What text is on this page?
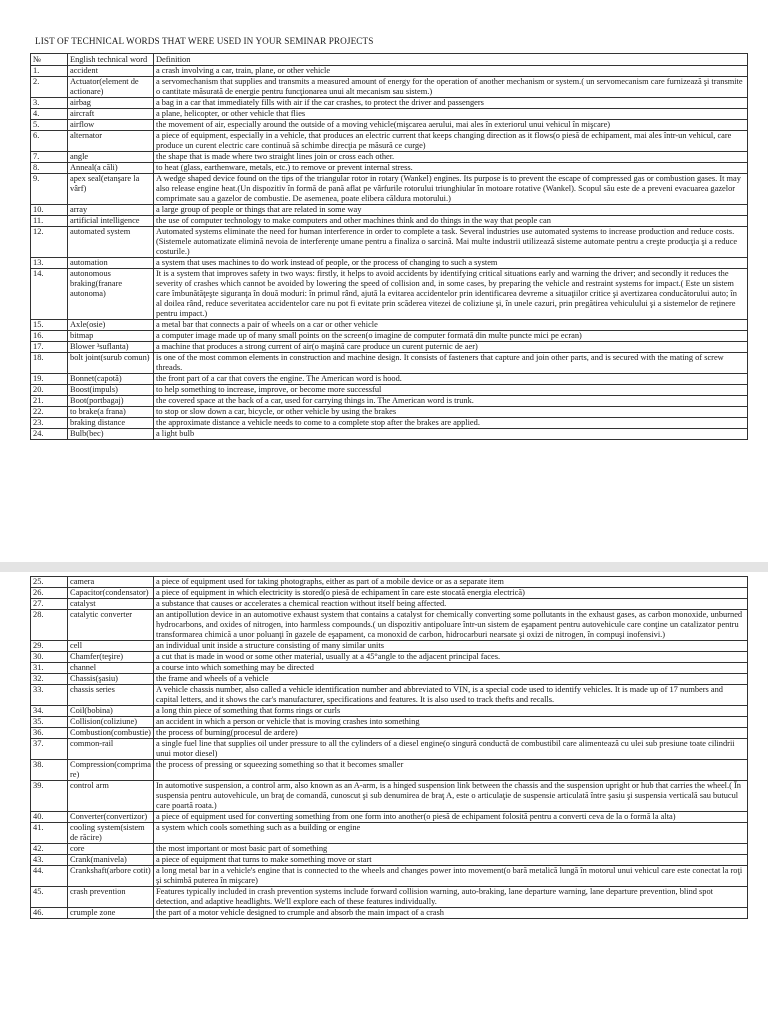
LIST OF TECHNICAL WORDS THAT WERE USED IN YOUR SEMINAR PROJECTS
№	English technical word	Definition
1.	accident	a crash involving a car, train, plane, or other vehicle
2.	Actuator(element de actionare)	a servomechanism that supplies and transmits a measured amount of energy for the operation of another mechanism or system.( un servomecanism care furnizează şi transmite o cantitate măsurată de energie pentru funcţionarea unui alt mecanism sau sistem.)
3.	airbag	a bag in a car that immediately fills with air if the car crashes, to protect the driver and passengers
4.	aircraft	a plane, helicopter, or other vehicle that flies
5.	airflow	the movement of air, especially around the outside of a moving vehicle(mişcarea aerului, mai ales în exteriorul unui vehicul în mişcare)
6.	alternator	a piece of equipment, especially in a vehicle, that produces an electric current that keeps changing direction as it flows(o piesă de echipament, mai ales într-un vehicul, care produce un curent electric care continuă să schimbe direcţia pe măsură ce curge)
7.	angle	the shape that is made where two straight lines join or cross each other.
8.	Anneal(a căli)	to heat (glass, earthenware, metals, etc.) to remove or prevent internal stress.
9.	apex seal(etanşare la vârf)	A wedge shaped device found on the tips of the triangular rotor in rotary (Wankel) engines. Its purpose is to prevent the escape of compressed gas or combustion gases. It may also release engine heat.(Un dispozitiv în formă de pană aflat pe vârfurile rotorului triunghiular în motoare rotative (Wankel). Scopul său este de a preveni evacuarea gazelor comprimate sau a gazelor de combustie. De asemenea, poate elibera căldura motorului.)
10.	array	a large group of people or things that are related in some way
11.	artificial intelligence	the use of computer technology to make computers and other machines think and do things in the way that people can
12.	automated system	Automated systems eliminate the need for human interference in order to complete a task. Several industries use automated systems to increase production and reduce costs. (Sistemele automatizate elimină nevoia de interferenţe umane pentru a finaliza o sarcină. Mai multe industrii utilizează sisteme automate pentru a creşte producţia şi a reduce costurile.)
13.	automation	a system that uses machines to do work instead of people, or the process of changing to such a system
14.	autonomous braking(franare autonoma)	It is a system that improves safety in two ways: firstly, it helps to avoid accidents by identifying critical situations early and warning the driver; and secondly it reduces the severity of crashes which cannot be avoided by lowering the speed of collision and, in some cases, by preparing the vehicle and restraint systems for impact.( Este un sistem care îmbunătăţeşte siguranţa în două moduri: în primul rând, ajută la evitarea accidentelor prin identificarea devreme a situaţiilor critice şi avertizarea conducătorului auto; în al doilea rând, reduce severitatea accidentelor care nu pot fi evitate prin scăderea vitezei de coliziune şi, în unele cazuri, prin pregătirea vehiculului şi a sistemelor de reţinere pentru impact.)
15.	Axle(osie)	a metal bar that connects a pair of wheels on a car or other vehicle
16.	bitmap	a computer image made up of many small points on the screen(o imagine de computer formată din multe puncte mici pe ecran)
17.	Blower ³suflanta)	a machine that produces a strong current of air(o maşină care produce un curent puternic de aer)
18.	bolt joint(surub comun)	is one of the most common elements in construction and machine design. It consists of fasteners that capture and join other parts, and is secured with the mating of screw threads.
19.	Bonnet(capotă)	the front part of a car that covers the engine. The American word is hood.
20.	Boost(impuls)	to help something to increase, improve, or become more successful
21.	Boot(portbagaj)	the covered space at the back of a car, used for carrying things in. The American word is trunk.
22.	to brake(a frana)	to stop or slow down a car, bicycle, or other vehicle by using the brakes
23.	braking distance	the approximate distance a vehicle needs to come to a complete stop after the brakes are applied.
24.	Bulb(bec)	a light bulb
25.	camera	a piece of equipment used for taking photographs, either as part of a mobile device or as a separate item
26.	Capacitor(condensator)	a piece of equipment in which electricity is stored(o piesă de echipament în care este stocată energia electrică)
27.	catalyst	a substance that causes or accelerates a chemical reaction without itself being affected.
28.	catalytic converter	an antipollution device in an automotive exhaust system that contains a catalyst for chemically converting some pollutants in the exhaust gases, as carbon monoxide, unburned hydrocarbons, and oxides of nitrogen, into harmless compounds.( un dispozitiv antipoluare într-un sistem de eşapament pentru autovehicule care conţine un catalizator pentru transformarea chimică a unor poluanţi în gazele de eşapament, ca monoxid de carbon, hidrocarburi nearsate şi oxizi de nitrogen, în compuşi inofensivi.)
29.	cell	an individual unit inside a structure consisting of many similar units
30.	Chamfer(teşire)	a cut that is made in wood or some other material, usually at a 45°angle to the adjacent principal faces.
31.	channel	a course into which something may be directed
32.	Chassis(şasiu)	the frame and wheels of a vehicle
33.	chassis series	A vehicle chassis number, also called a vehicle identification number and abbreviated to VIN, is a special code used to identify vehicles. It is made up of 17 numbers and capital letters, and it shows the car's manufacturer, specifications and features. It is also used to track thefts and recalls.
34.	Coil(bobina)	a long thin piece of something that forms rings or curls
35.	Collision(coliziune)	an accident in which a person or vehicle that is moving crashes into something
36.	Combustion(combustie)	the process of burning(procesul de ardere)
37.	common-rail	a single fuel line that supplies oil under pressure to all the cylinders of a diesel engine(o singură conductă de combustibil care alimentează cu ulei sub presiune toate cilindrii unui motor diesel)
38.	Compression(comprimare)	the process of pressing or squeezing something so that it becomes smaller
39.	control arm	In automotive suspension, a control arm, also known as an A-arm, is a hinged suspension link between the chassis and the suspension upright or hub that carries the wheel.( În suspensia pentru autovehicule, un braţ de comandă, cunoscut şi sub denumirea de braţ A, este o articulaţie de suspensie articulată între şasiu şi suspensia verticală sau butucul care poartă roata.)
40.	Converter(convertizor)	a piece of equipment used for converting something from one form into another(o piesă de echipament folosită pentru a converti ceva de la o formă la alta)
41.	cooling system(sistem de răcire)	a system which cools something such as a building or engine
42.	core	the most important or most basic part of something
43.	Crank(manivela)	a piece of equipment that turns to make something move or start
44.	Crankshaft(arbore cotit)	a long metal bar in a vehicle's engine that is connected to the wheels and changes power into movement(o bară metalică lungă în motorul unui vehicul care este conectat la roţi şi schimbă puterea în mişcare)
45.	crash prevention	Features typically included in crash prevention systems include forward collision warning, auto-braking, lane departure warning, lane departure prevention, blind spot detection, and adaptive headlights. We'll explore each of these features individually.
46.	crumple zone	the part of a motor vehicle designed to crumple and absorb the main impact of a crash
